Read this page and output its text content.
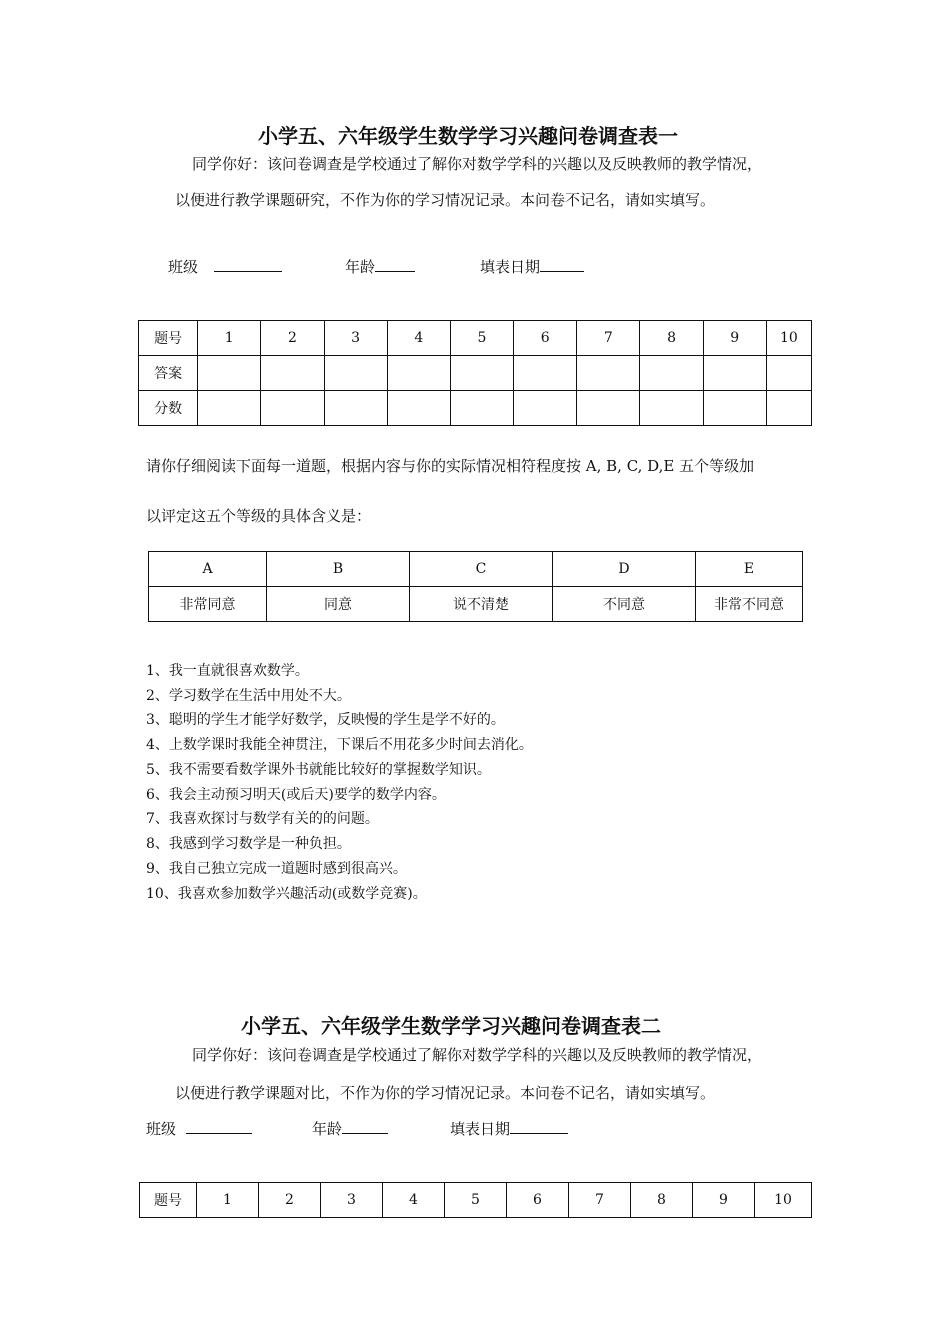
小学五、六年级学生数学学习兴趣问卷调查表一
同学你好：该问卷调查是学校通过了解你对数学学科的兴趣以及反映教师的教学情况，
以便进行教学课题研究，不作为你的学习情况记录。本问卷不记名，请如实填写。
班级	年龄	填表日期
题号	1	2	3	4	5	6	7	8	9	10
答案										
分数										
请你仔细阅读下面每一道题，根据内容与你的实际情况相符程度按 A, B, C, D,E 五个等级加
以评定这五个等级的具体含义是：
A	B	C	D	E
非常同意	同意	说不清楚	不同意	非常不同意
1、我一直就很喜欢数学。
2、学习数学在生活中用处不大。
3、聪明的学生才能学好数学，反映慢的学生是学不好的。
4、上数学课时我能全神贯注，下课后不用花多少时间去消化。
5、我不需要看数学课外书就能比较好的掌握数学知识。
6、我会主动预习明天(或后天)要学的数学内容。
7、我喜欢探讨与数学有关的的问题。
8、我感到学习数学是一种负担。
9、我自己独立完成一道题时感到很高兴。
10、我喜欢参加数学兴趣活动(或数学竞赛)。
小学五、六年级学生数学学习兴趣问卷调查表二
同学你好：该问卷调查是学校通过了解你对数学学科的兴趣以及反映教师的教学情况，
以便进行教学课题对比，不作为你的学习情况记录。本问卷不记名，请如实填写。
班级	年龄	填表日期
题号	1	2	3	4	5	6	7	8	9	10
